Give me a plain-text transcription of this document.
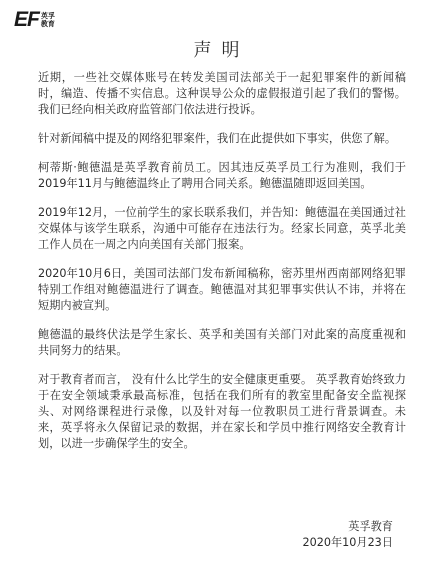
EF 英孚
教育
声明

近期，一些社交媒体账号在转发美国司法部关于一起犯罪案件的新闻稿时，编造、传播不实信息。这种误导公众的虚假报道引起了我们的警惕。我们已经向相关政府监管部门依法进行投诉。

针对新闻稿中提及的网络犯罪案件，我们在此提供如下事实，供您了解。

柯蒂斯·鲍德温是英孚教育前员工。因其违反英孚员工行为准则，我们于2019年11月与鲍德温终止了聘用合同关系。鲍德温随即返回美国。

2019年12月，一位前学生的家长联系我们，并告知：鲍德温在美国通过社交媒体与该学生联系，沟通中可能存在违法行为。经家长同意，英孚北美工作人员在一周之内向美国有关部门报案。

2020年10月6日，美国司法部门发布新闻稿称，密苏里州西南部网络犯罪特别工作组对鲍德温进行了调查。鲍德温对其犯罪事实供认不讳，并将在短期内被宣判。

鲍德温的最终伏法是学生家长、英孚和美国有关部门对此案的高度重视和共同努力的结果。

对于教育者而言， 没有什么比学生的安全健康更重要。 英孚教育始终致力于在安全领域秉承最高标准，包括在我们所有的教室里配备安全监视探头、对网络课程进行录像，以及针对每一位教职员工进行背景调查。未来，英孚将永久保留记录的数据，并在家长和学员中推行网络安全教育计划，以进一步确保学生的安全。

英孚教育
2020年10月23日
